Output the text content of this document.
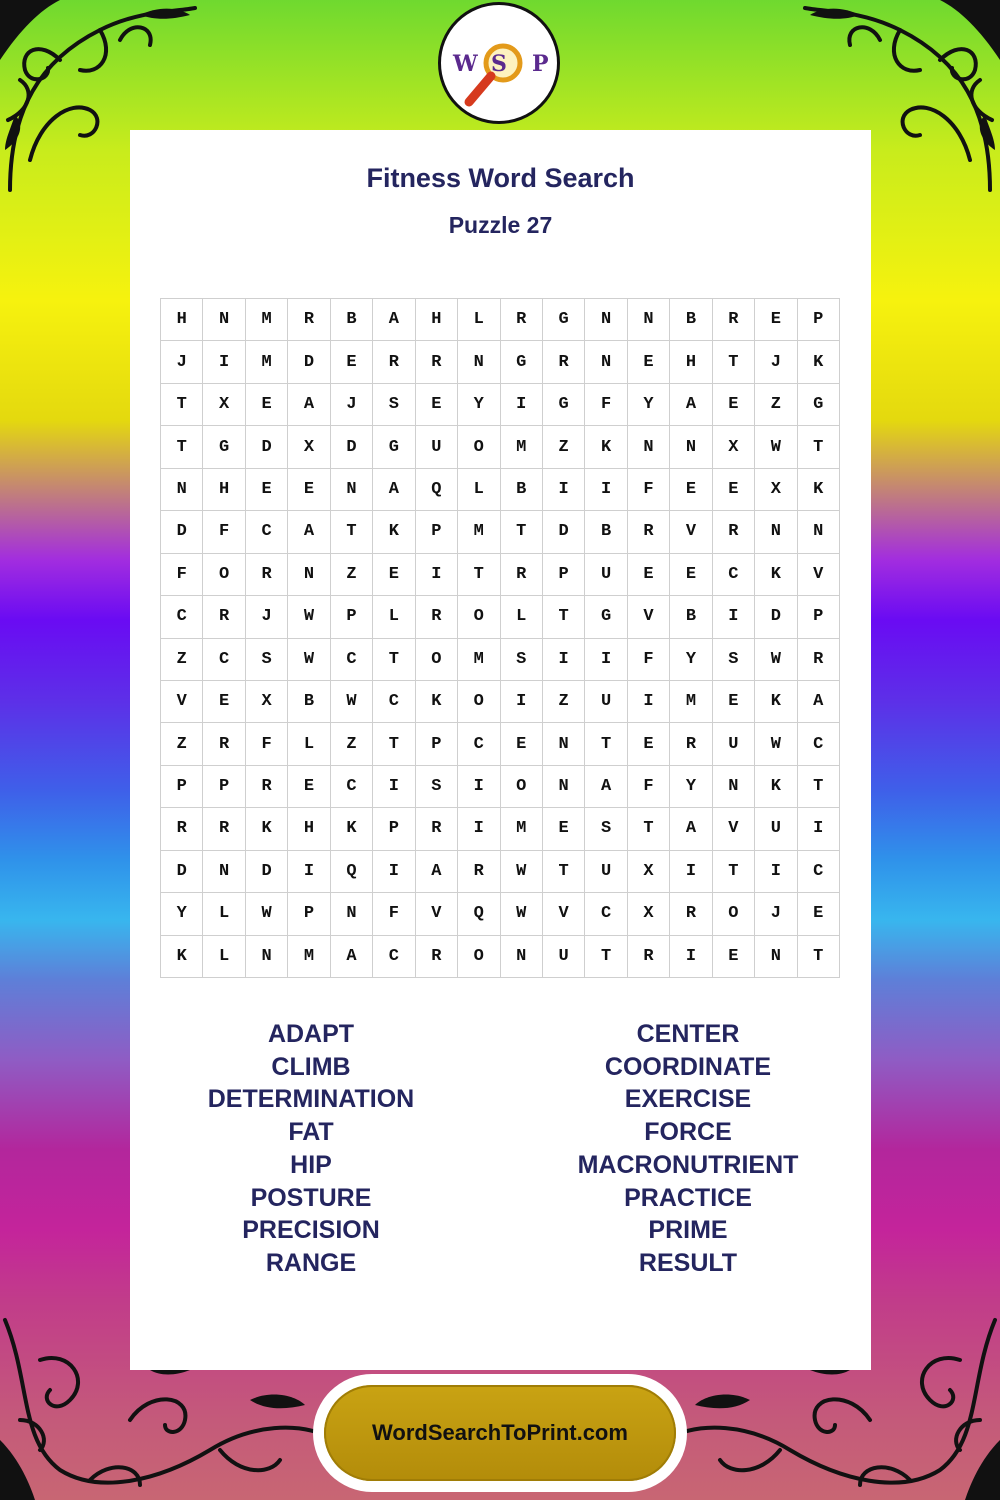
W S P
Fitness Word Search
Puzzle 27
H	N	M	R	B	A	H	L	R	G	N	N	B	R	E	P
J	I	M	D	E	R	R	N	G	R	N	E	H	T	J	K
T	X	E	A	J	S	E	Y	I	G	F	Y	A	E	Z	G
T	G	D	X	D	G	U	O	M	Z	K	N	N	X	W	T
N	H	E	E	N	A	Q	L	B	I	I	F	E	E	X	K
D	F	C	A	T	K	P	M	T	D	B	R	V	R	N	N
F	O	R	N	Z	E	I	T	R	P	U	E	E	C	K	V
C	R	J	W	P	L	R	O	L	T	G	V	B	I	D	P
Z	C	S	W	C	T	O	M	S	I	I	F	Y	S	W	R
V	E	X	B	W	C	K	O	I	Z	U	I	M	E	K	A
Z	R	F	L	Z	T	P	C	E	N	T	E	R	U	W	C
P	P	R	E	C	I	S	I	O	N	A	F	Y	N	K	T
R	R	K	H	K	P	R	I	M	E	S	T	A	V	U	I
D	N	D	I	Q	I	A	R	W	T	U	X	I	T	I	C
Y	L	W	P	N	F	V	Q	W	V	C	X	R	O	J	E
K	L	N	M	A	C	R	O	N	U	T	R	I	E	N	T
ADAPT
CLIMB
DETERMINATION
FAT
HIP
POSTURE
PRECISION
RANGE
CENTER
COORDINATE
EXERCISE
FORCE
MACRONUTRIENT
PRACTICE
PRIME
RESULT
WordSearchToPrint.com
